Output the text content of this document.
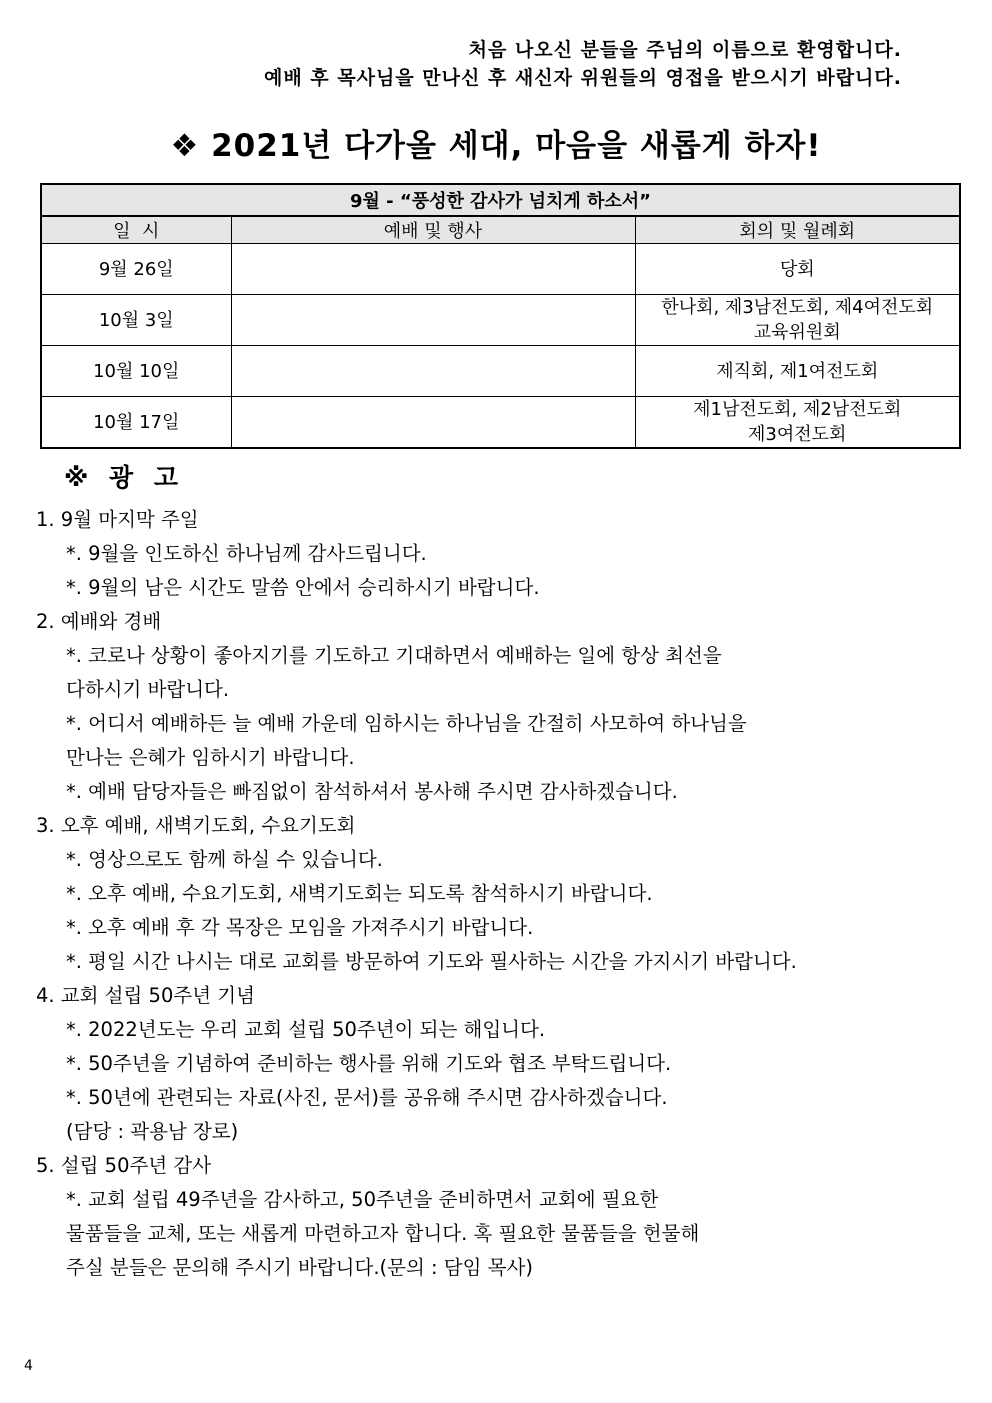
처음 나오신 분들을 주님의 이름으로 환영합니다.
예배 후 목사님을 만나신 후 새신자 위원들의 영접을 받으시기 바랍니다.
❖ 2021년 다가올 세대, 마음을 새롭게 하자!
9월 - “풍성한 감사가 넘치게 하소서”		
일  시	예배 및 행사	회의 및 월례회
9월 26일		당회

10월 3일		한나회, 제3남전도회, 제4여전도회
교육위원회

10월 10일		제직회, 제1여전도회

10월 17일		제1남전도회, 제2남전도회
제3여전도회
※ 광 고
1. 9월 마지막 주일
*. 9월을 인도하신 하나님께 감사드립니다.
*. 9월의 남은 시간도 말씀 안에서 승리하시기 바랍니다.
2. 예배와 경배
*. 코로나 상황이 좋아지기를 기도하고 기대하면서 예배하는 일에 항상 최선을
다하시기 바랍니다.
*. 어디서 예배하든 늘 예배 가운데 임하시는 하나님을 간절히 사모하여 하나님을
만나는 은혜가 임하시기 바랍니다.
*. 예배 담당자들은 빠짐없이 참석하셔서 봉사해 주시면 감사하겠습니다.
3. 오후 예배, 새벽기도회, 수요기도회
*. 영상으로도 함께 하실 수 있습니다.
*. 오후 예배, 수요기도회, 새벽기도회는 되도록 참석하시기 바랍니다.
*. 오후 예배 후 각 목장은 모임을 가져주시기 바랍니다.
*. 평일 시간 나시는 대로 교회를 방문하여 기도와 필사하는 시간을 가지시기 바랍니다.
4. 교회 설립 50주년 기념
*. 2022년도는 우리 교회 설립 50주년이 되는 해입니다.
*. 50주년을 기념하여 준비하는 행사를 위해 기도와 협조 부탁드립니다.
*. 50년에 관련되는 자료(사진, 문서)를 공유해 주시면 감사하겠습니다.
(담당 : 곽용남 장로)
5. 설립 50주년 감사
*. 교회 설립 49주년을 감사하고, 50주년을 준비하면서 교회에 필요한
물품들을 교체, 또는 새롭게 마련하고자 합니다. 혹 필요한 물품들을 헌물해
주실 분들은 문의해 주시기 바랍니다.(문의 : 담임 목사)
4
